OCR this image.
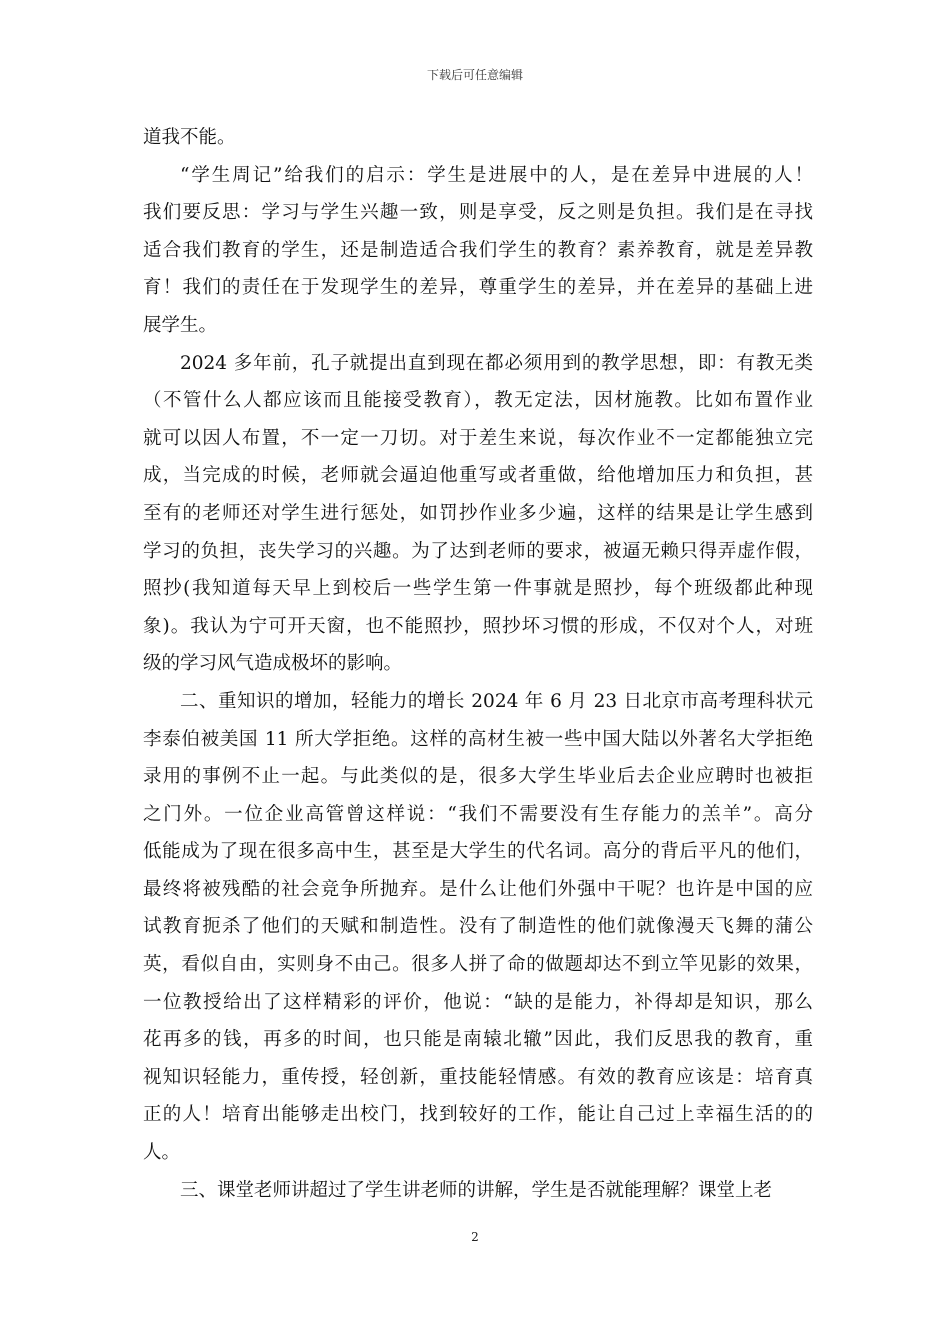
下载后可任意编辑
道我不能。
“学生周记”给我们的启示：学生是进展中的人，是在差异中进展的人！
我们要反思：学习与学生兴趣一致，则是享受，反之则是负担。我们是在寻找
适合我们教育的学生，还是制造适合我们学生的教育？素养教育，就是差异教
育！我们的责任在于发现学生的差异，尊重学生的差异，并在差异的基础上进
展学生。
2024 多年前，孔子就提出直到现在都必须用到的教学思想，即：有教无类
（不管什么人都应该而且能接受教育），教无定法，因材施教。比如布置作业
就可以因人布置，不一定一刀切。对于差生来说，每次作业不一定都能独立完
成，当完成的时候，老师就会逼迫他重写或者重做，给他增加压力和负担，甚
至有的老师还对学生进行惩处，如罚抄作业多少遍，这样的结果是让学生感到
学习的负担，丧失学习的兴趣。为了达到老师的要求，被逼无赖只得弄虚作假，
照抄(我知道每天早上到校后一些学生第一件事就是照抄，每个班级都此种现
象)。我认为宁可开天窗，也不能照抄，照抄坏习惯的形成，不仅对个人，对班
级的学习风气造成极坏的影响。
二、重知识的增加，轻能力的增长 2024 年 6 月 23 日北京市高考理科状元
李泰伯被美国 11 所大学拒绝。这样的高材生被一些中国大陆以外著名大学拒绝
录用的事例不止一起。与此类似的是，很多大学生毕业后去企业应聘时也被拒
之门外。一位企业高管曾这样说：“我们不需要没有生存能力的羔羊”。高分
低能成为了现在很多高中生，甚至是大学生的代名词。高分的背后平凡的他们，
最终将被残酷的社会竞争所抛弃。是什么让他们外强中干呢？也许是中国的应
试教育扼杀了他们的天赋和制造性。没有了制造性的他们就像漫天飞舞的蒲公
英，看似自由，实则身不由己。很多人拼了命的做题却达不到立竿见影的效果，
一位教授给出了这样精彩的评价，他说：“缺的是能力，补得却是知识，那么
花再多的钱，再多的时间，也只能是南辕北辙”因此，我们反思我的教育，重
视知识轻能力，重传授，轻创新，重技能轻情感。有效的教育应该是：培育真
正的人！培育出能够走出校门，找到较好的工作，能让自己过上幸福生活的的
人。
三、课堂老师讲超过了学生讲老师的讲解，学生是否就能理解？课堂上老
2
